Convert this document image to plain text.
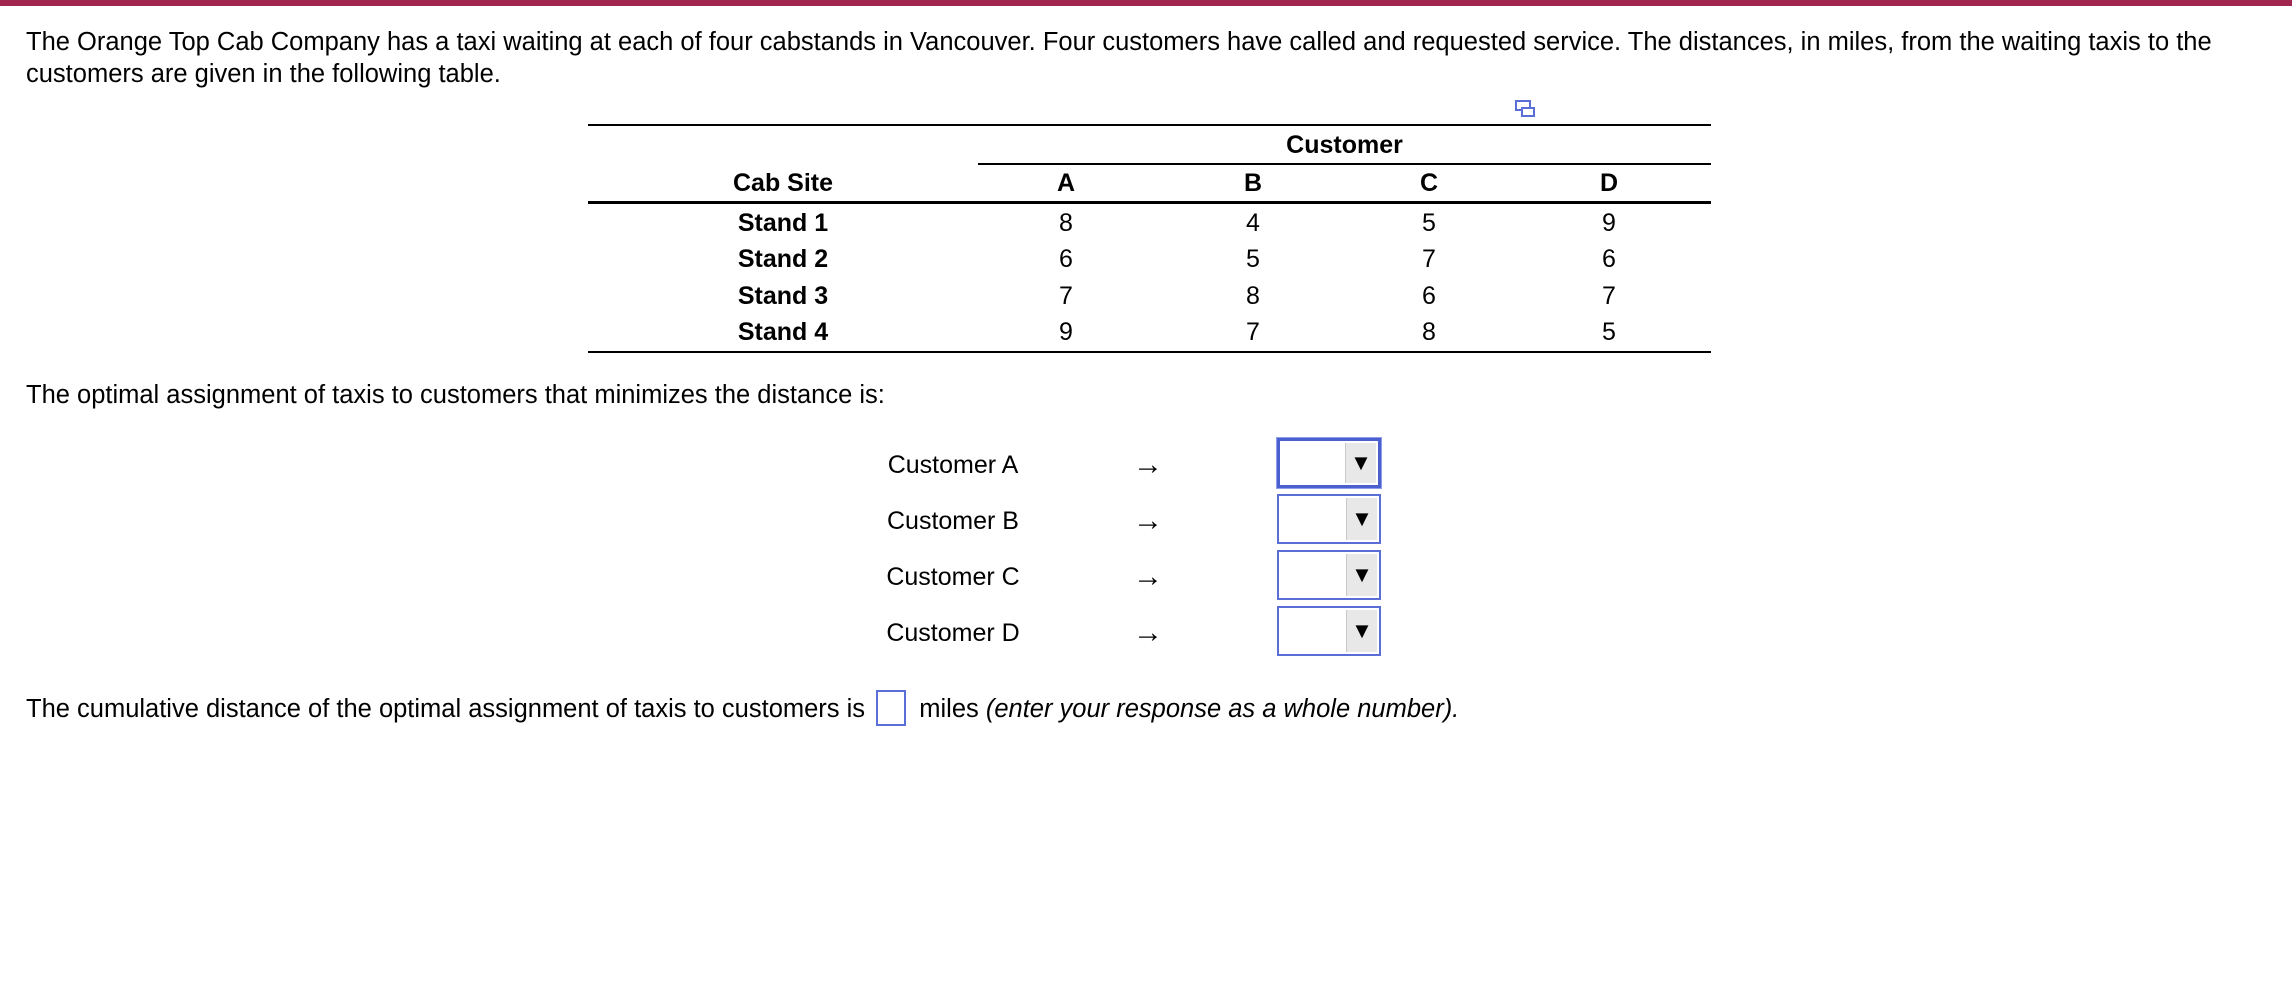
The Orange Top Cab Company has a taxi waiting at each of four cabstands in Vancouver. Four customers have called and requested service. The distances, in miles, from the waiting taxis to the customers are given in the following table.
Customer
Cab Site	A	B	C	D
Stand 1	8	4	5	9
Stand 2	6	5	7	6
Stand 3	7	8	6	7
Stand 4	9	7	8	5
The optimal assignment of taxis to customers that minimizes the distance is:
Customer A	→	▼
Customer B	→	▼
Customer C	→	▼
Customer D	→	▼
The cumulative distance of the optimal assignment of taxis to customers is miles (enter your response as a whole number).
